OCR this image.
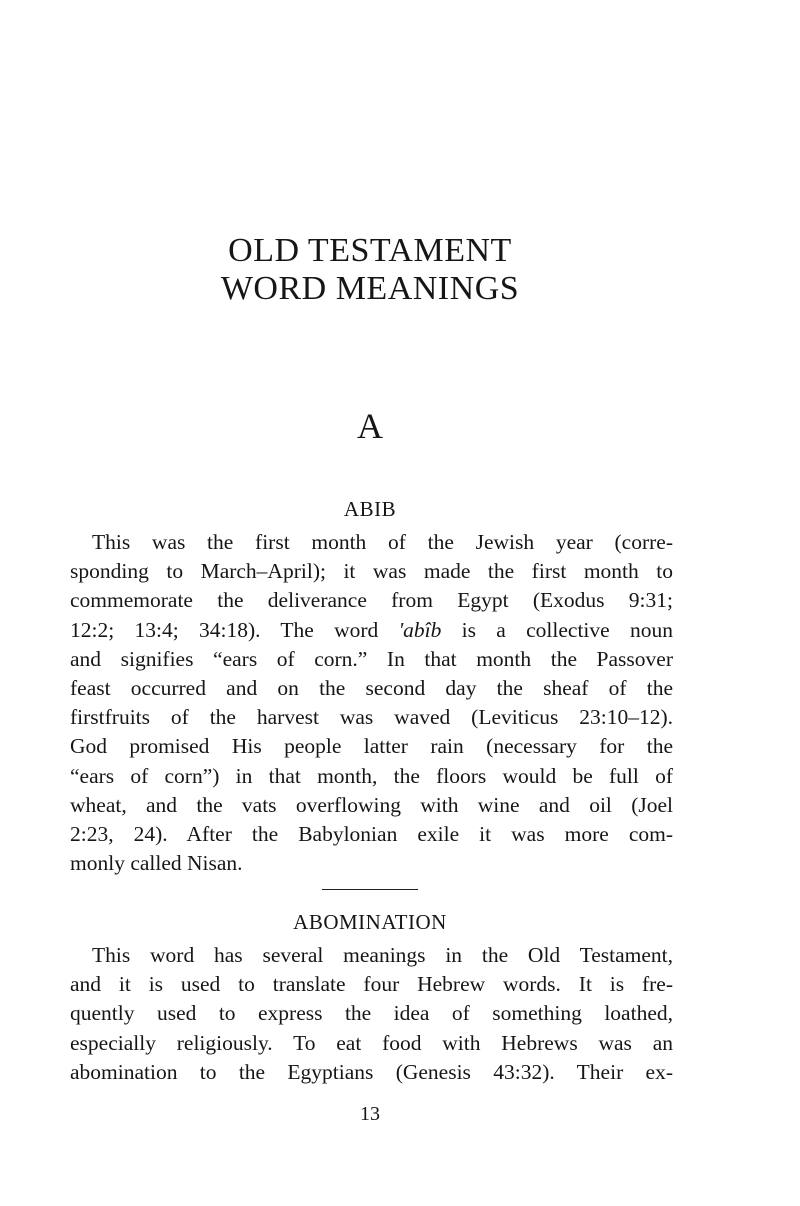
OLD TESTAMENT
WORD MEANINGS
A
ABIB
This was the first month of the Jewish year (corre-
sponding to March–April); it was made the first month to
commemorate the deliverance from Egypt (Exodus 9:31;
12:2; 13:4; 34:18). The word 'abîb is a collective noun
and signifies “ears of corn.” In that month the Passover
feast occurred and on the second day the sheaf of the
firstfruits of the harvest was waved (Leviticus 23:10–12).
God promised His people latter rain (necessary for the
“ears of corn”) in that month, the floors would be full of
wheat, and the vats overflowing with wine and oil (Joel
2:23, 24). After the Babylonian exile it was more com-
monly called Nisan.
ABOMINATION
This word has several meanings in the Old Testament,
and it is used to translate four Hebrew words. It is fre-
quently used to express the idea of something loathed,
especially religiously. To eat food with Hebrews was an
abomination to the Egyptians (Genesis 43:32). Their ex-
13
